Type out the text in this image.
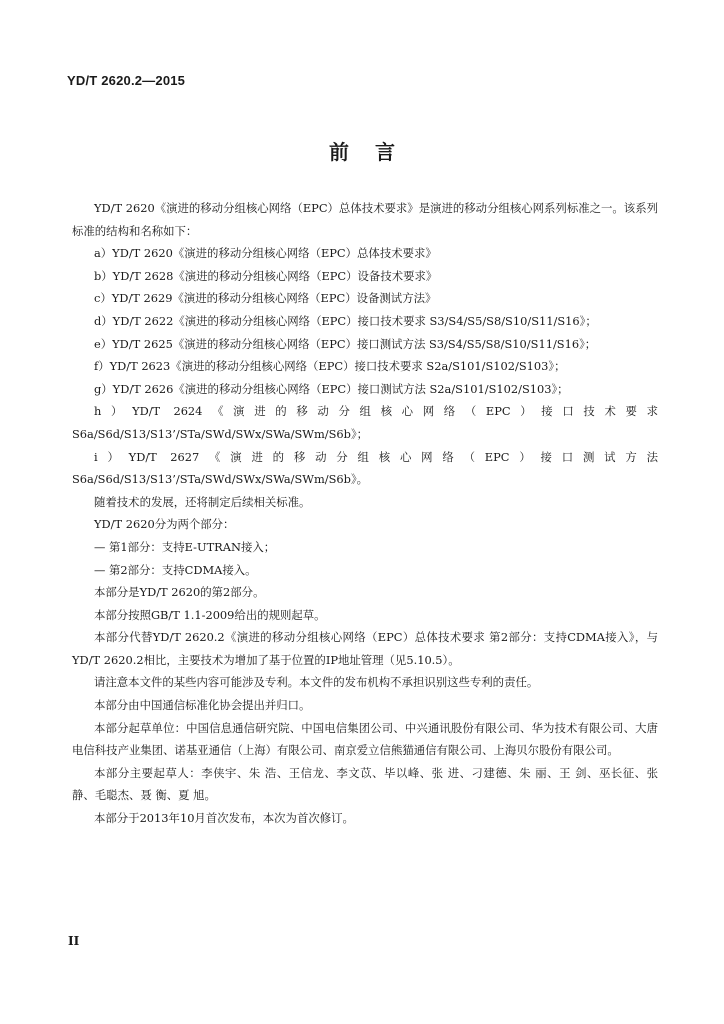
YD/T 2620.2—2015
前言

YD/T 2620《演进的移动分组核心网络（EPC）总体技术要求》是演进的移动分组核心网系列标准之一。该系列标准的结构和名称如下：

a）YD/T 2620《演进的移动分组核心网络（EPC）总体技术要求》

b）YD/T 2628《演进的移动分组核心网络（EPC）设备技术要求》

c）YD/T 2629《演进的移动分组核心网络（EPC）设备测试方法》

d）YD/T 2622《演进的移动分组核心网络（EPC）接口技术要求 S3/S4/S5/S8/S10/S11/S16》；

e）YD/T 2625《演进的移动分组核心网络（EPC）接口测试方法 S3/S4/S5/S8/S10/S11/S16》；

f）YD/T 2623《演进的移动分组核心网络（EPC）接口技术要求 S2a/S101/S102/S103》；

g）YD/T 2626《演进的移动分组核心网络（EPC）接口测试方法 S2a/S101/S102/S103》；

h）YD/T 2624《演进的移动分组核心网络（EPC）接口技术要求 S6a/S6d/S13/S13’/STa/SWd/SWx/SWa/SWm/S6b》；

i）YD/T 2627《演进的移动分组核心网络（EPC）接口测试方法 S6a/S6d/S13/S13’/STa/SWd/SWx/SWa/SWm/S6b》。

随着技术的发展，还将制定后续相关标准。

YD/T 2620分为两个部分：

— 第1部分：支持E-UTRAN接入；

— 第2部分：支持CDMA接入。

本部分是YD/T 2620的第2部分。

本部分按照GB/T 1.1-2009给出的规则起草。

本部分代替YD/T 2620.2《演进的移动分组核心网络（EPC）总体技术要求 第2部分：支持CDMA接入》，与YD/T 2620.2相比，主要技术为增加了基于位置的IP地址管理（见5.10.5）。

请注意本文件的某些内容可能涉及专利。本文件的发布机构不承担识别这些专利的责任。

本部分由中国通信标准化协会提出并归口。

本部分起草单位：中国信息通信研究院、中国电信集团公司、中兴通讯股份有限公司、华为技术有限公司、大唐电信科技产业集团、诺基亚通信（上海）有限公司、南京爱立信熊猫通信有限公司、上海贝尔股份有限公司。

本部分主要起草人：李侠宇、朱 浩、王信龙、李文苡、毕以峰、张 进、刁建德、朱 丽、王 剑、巫长征、张 静、毛聪杰、聂 衡、夏 旭。

本部分于2013年10月首次发布，本次为首次修订。

II
